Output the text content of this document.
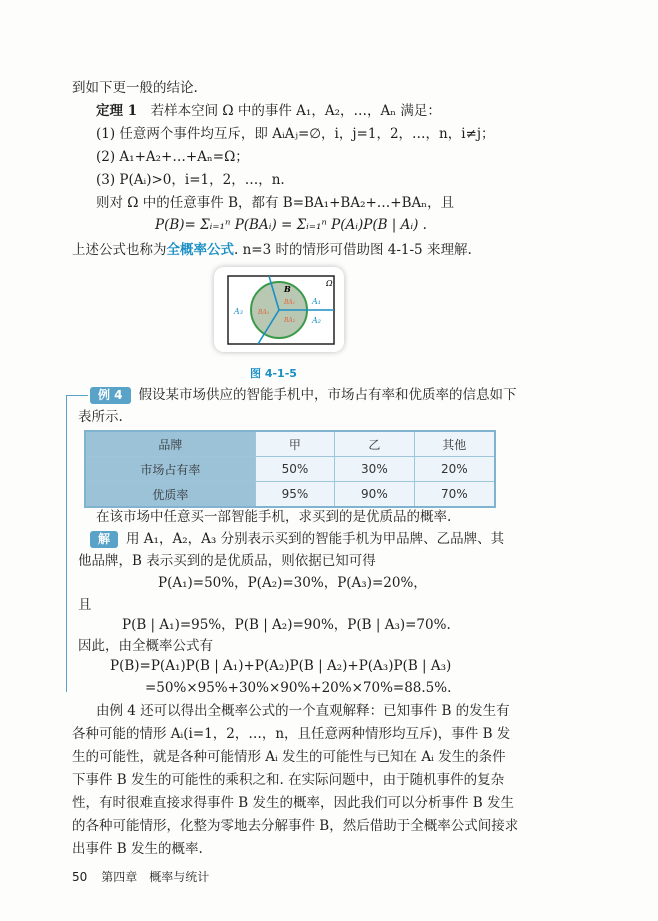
到如下更一般的结论.
定理 1　 若样本空间 Ω 中的事件 A₁，A₂，…，Aₙ 满足：
(1) 任意两个事件均互斥，即 AᵢAⱼ=∅，i，j=1，2，…，n，i≠j；
(2) A₁+A₂+…+Aₙ=Ω；
(3) P(Aᵢ)>0，i=1，2，…，n.
则对 Ω 中的任意事件 B，都有 B=BA₁+BA₂+…+BAₙ，且
P(B)= Σᵢ₌₁ⁿ P(BAᵢ) = Σᵢ₌₁ⁿ P(Aᵢ)P(B | Aᵢ) .
上述公式也称为全概率公式. n=3 时的情形可借助图 4-1-5 来理解.
Ω
B
A₁
A₂
A₃
BA₁
BA₂
BA₃
图 4-1-5
例 4 假设某市场供应的智能手机中，市场占有率和优质率的信息如下
表所示.
品牌	甲	乙	其他
市场占有率	50%	30%	20%
优质率	95%	90%	70%
在该市场中任意买一部智能手机，求买到的是优质品的概率.
解 用 A₁，A₂，A₃ 分别表示买到的智能手机为甲品牌、乙品牌、其
他品牌，B 表示买到的是优质品，则依据已知可得
P(A₁)=50%，P(A₂)=30%，P(A₃)=20%，
且
P(B | A₁)=95%，P(B | A₂)=90%，P(B | A₃)=70%.
因此，由全概率公式有
P(B)=P(A₁)P(B | A₁)+P(A₂)P(B | A₂)+P(A₃)P(B | A₃)
=50%×95%+30%×90%+20%×70%=88.5%.
由例 4 还可以得出全概率公式的一个直观解释：已知事件 B 的发生有
各种可能的情形 Aᵢ(i=1，2，…，n，且任意两种情形均互斥)，事件 B 发
生的可能性，就是各种可能情形 Aᵢ 发生的可能性与已知在 Aᵢ 发生的条件
下事件 B 发生的可能性的乘积之和. 在实际问题中，由于随机事件的复杂
性，有时很难直接求得事件 B 发生的概率，因此我们可以分析事件 B 发生
的各种可能情形，化整为零地去分解事件 B，然后借助于全概率公式间接求
出事件 B 发生的概率.
50 第四章　概率与统计
